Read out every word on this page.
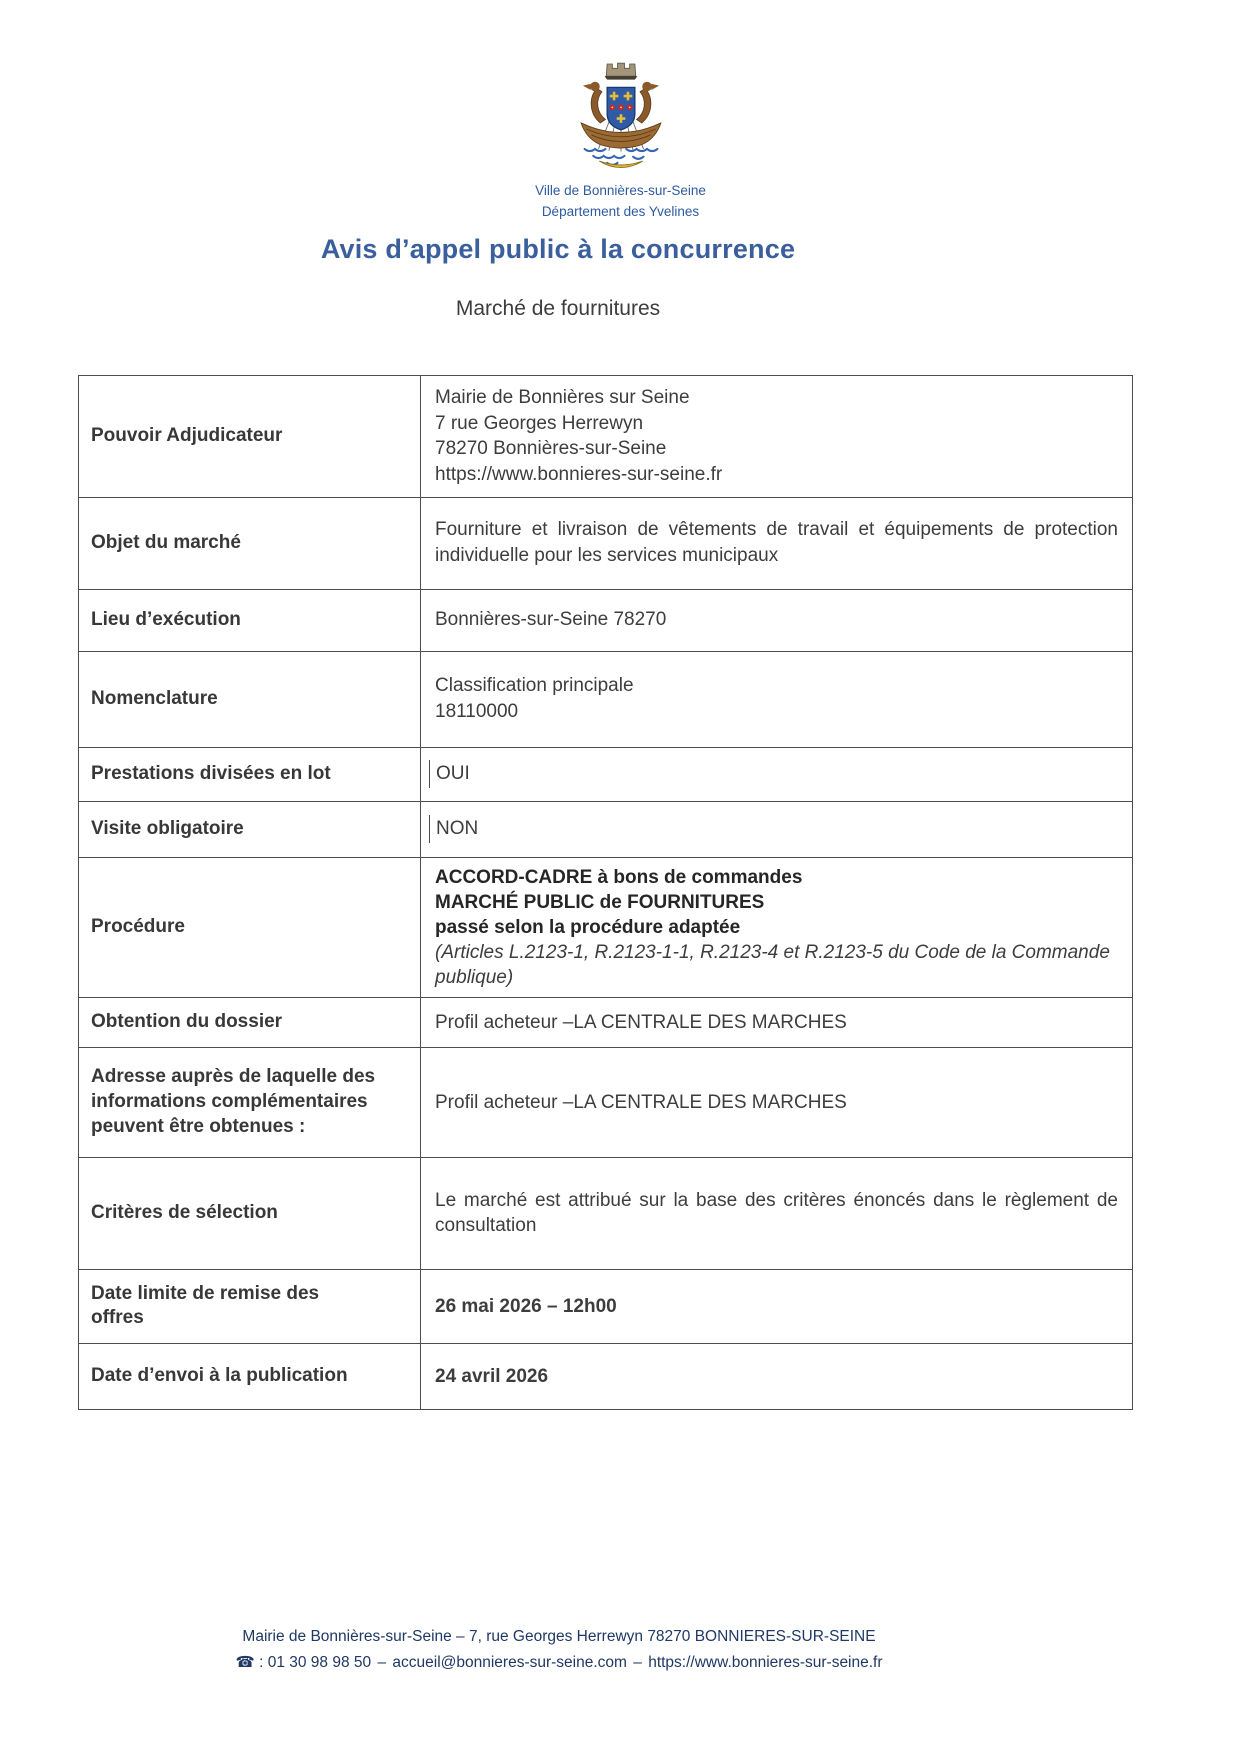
Ville de Bonnières-sur-Seine
Département des Yvelines
Avis d’appel public à la concurrence
Marché de fournitures
Pouvoir Adjudicateur	Mairie de Bonnières sur Seine
7 rue Georges Herrewyn
78270 Bonnières-sur-Seine
https://www.bonnieres-sur-seine.fr

Objet du marché	Fourniture et livraison de vêtements de travail et équipements de protection individuelle pour les services municipaux

Lieu d’exécution	Bonnières-sur-Seine 78270

Nomenclature	Classification principale
18110000

Prestations divisées en lot	OUI

Visite obligatoire	NON

Procédure	ACCORD-CADRE à bons de commandes
MARCHÉ PUBLIC de FOURNITURES
passé selon la procédure adaptée
(Articles L.2123-1, R.2123-1-1, R.2123-4 et R.2123-5 du Code de la Commande publique)

Obtention du dossier	Profil acheteur –LA CENTRALE DES MARCHES

Adresse auprès de laquelle des informations complémentaires peuvent être obtenues :	Profil acheteur –LA CENTRALE DES MARCHES

Critères de sélection	Le marché est attribué sur la base des critères énoncés dans le règlement de consultation

Date limite de remise des offres	26 mai 2026 – 12h00

Date d’envoi à la publication	24 avril 2026
Mairie de Bonnières-sur-Seine – 7, rue Georges Herrewyn 78270 BONNIERES-SUR-SEINE
☎ : 01 30 98 98 50 – accueil@bonnieres-sur-seine.com – https://www.bonnieres-sur-seine.fr
